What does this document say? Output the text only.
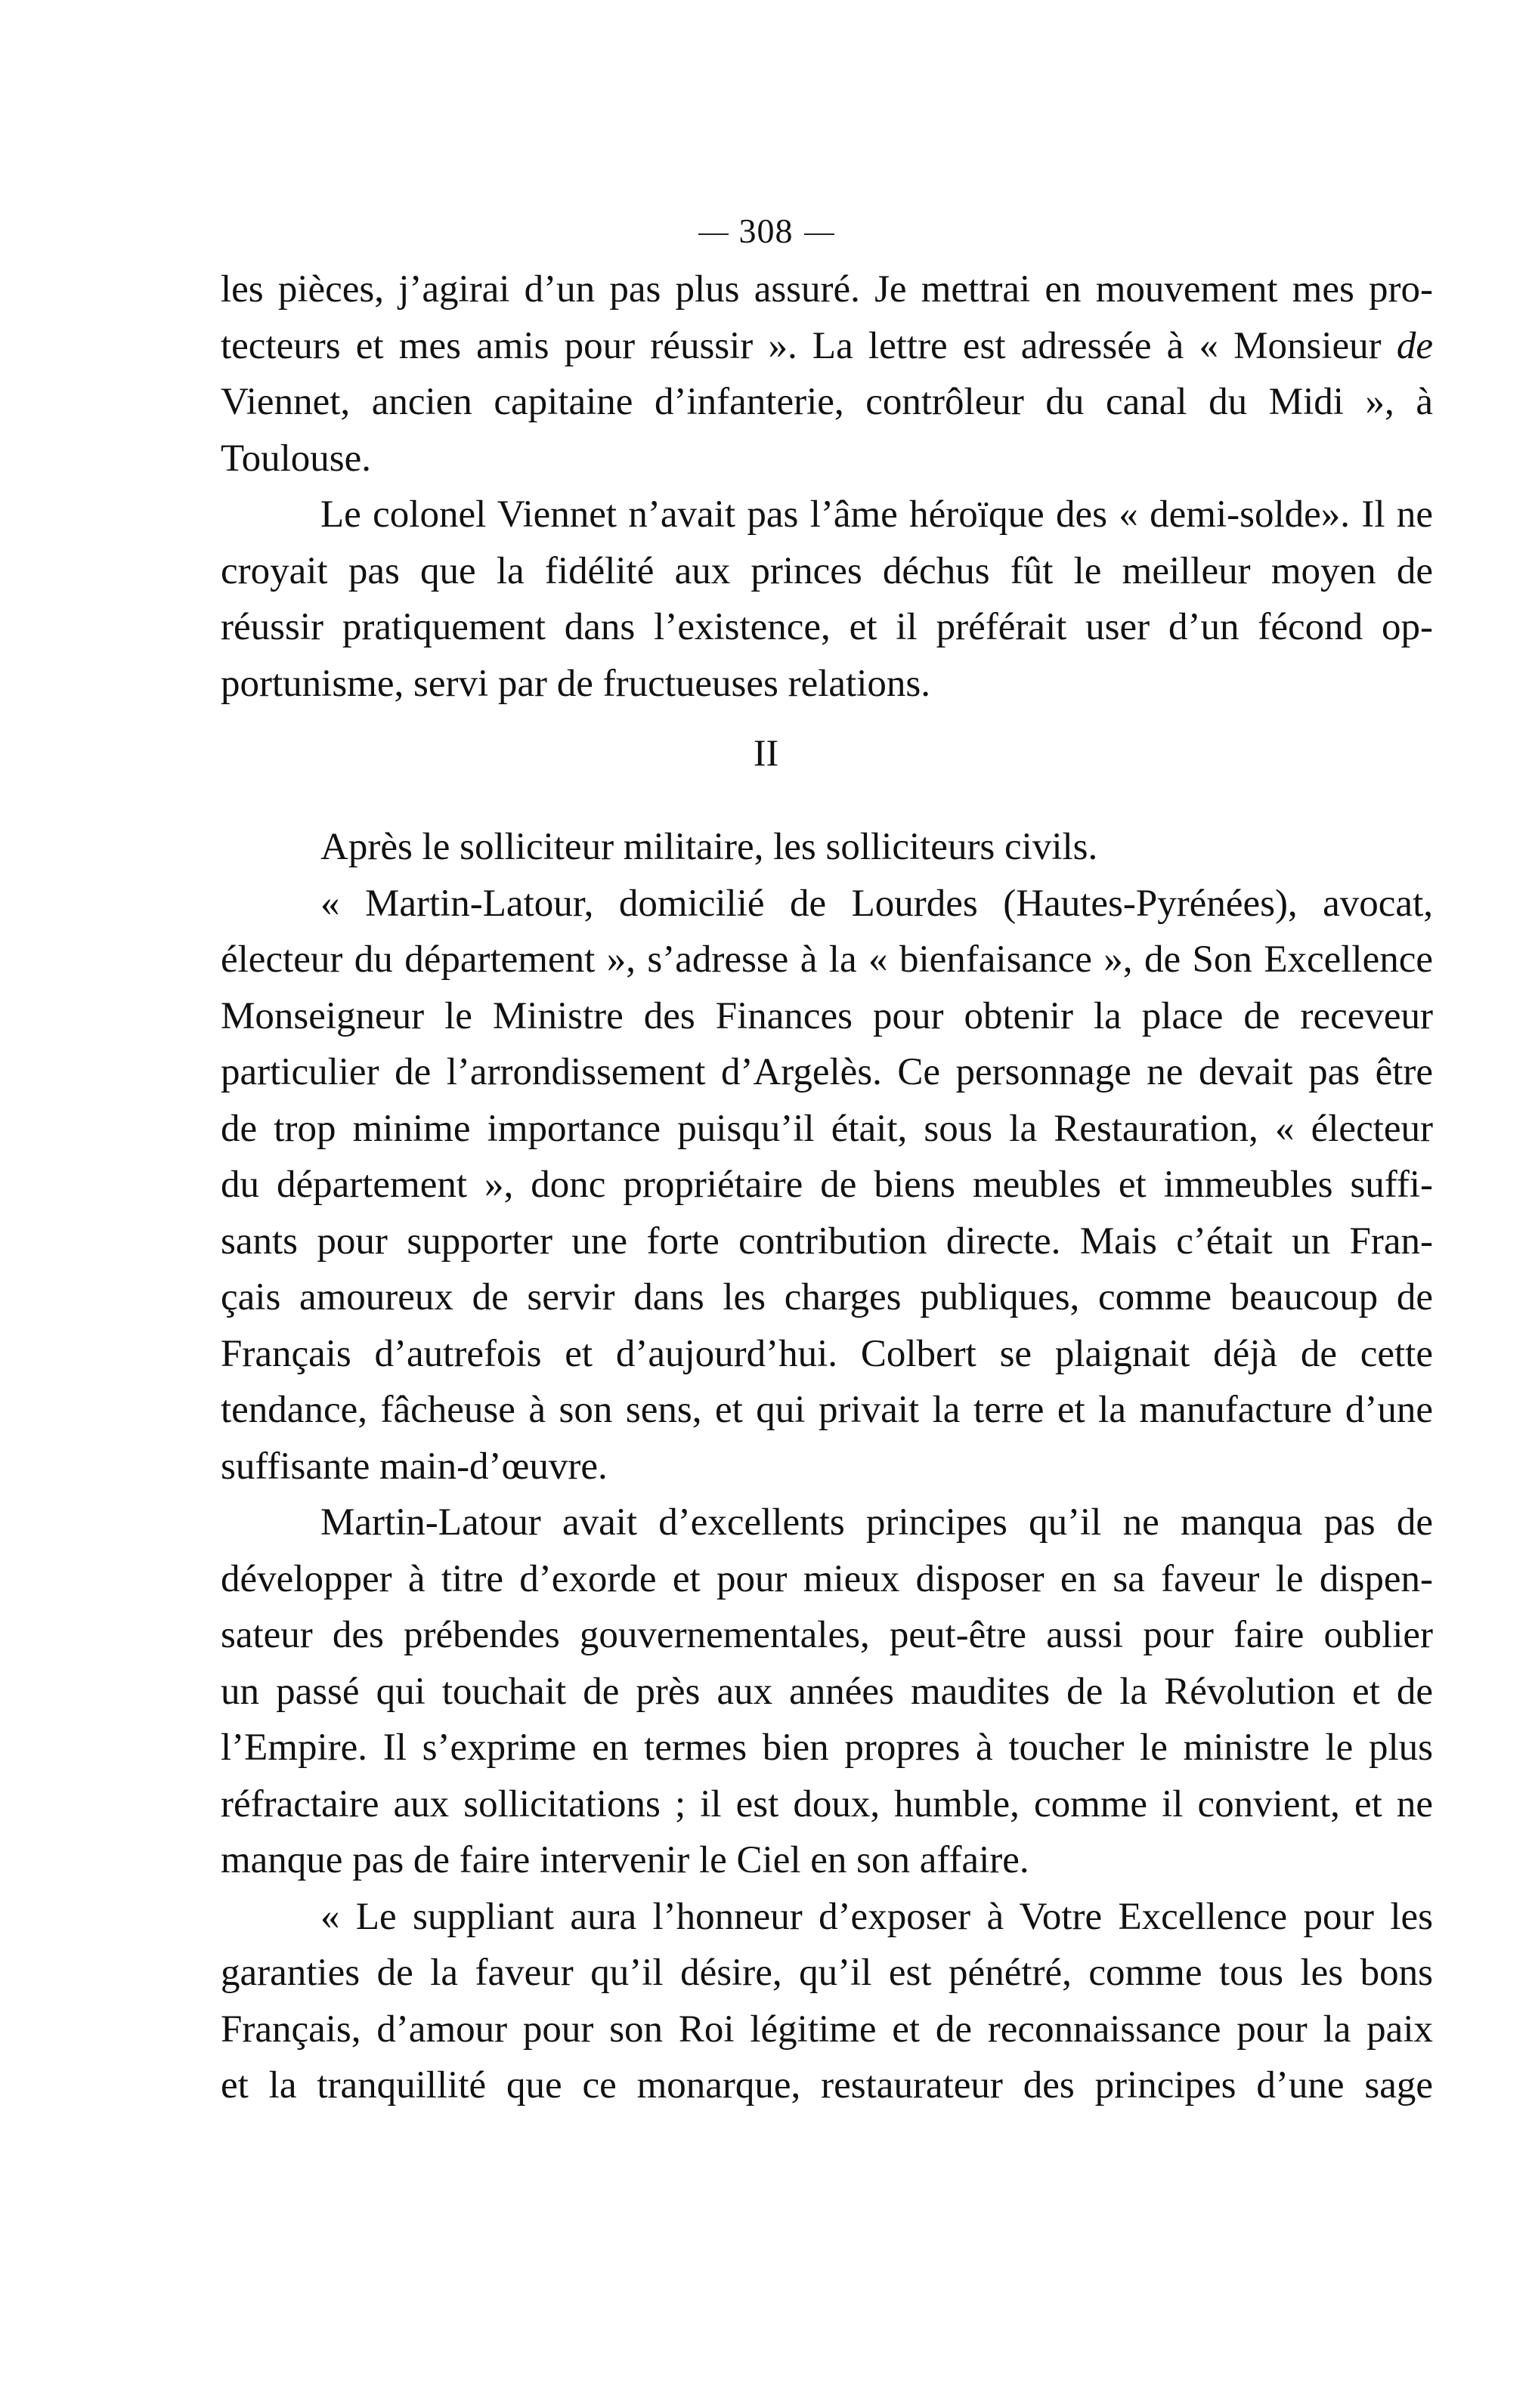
308
les pièces, j’agirai d’un pas plus assuré. Je mettrai en mouvement mes pro-
tecteurs et mes amis pour réussir ». La lettre est adressée à « Monsieur de
Viennet, ancien capitaine d’infanterie, contrôleur du canal du Midi », à
Toulouse.
Le colonel Viennet n’avait pas l’âme héroïque des « demi-solde». Il ne
croyait pas que la fidélité aux princes déchus fût le meilleur moyen de
réussir pratiquement dans l’existence, et il préférait user d’un fécond op-
portunisme, servi par de fructueuses relations.
II
Après le solliciteur militaire, les solliciteurs civils.
« Martin-Latour, domicilié de Lourdes (Hautes-Pyrénées), avocat,
électeur du département », s’adresse à la « bienfaisance », de Son Excellence
Monseigneur le Ministre des Finances pour obtenir la place de receveur
particulier de l’arrondissement d’Argelès. Ce personnage ne devait pas être
de trop minime importance puisqu’il était, sous la Restauration, « électeur
du département », donc propriétaire de biens meubles et immeubles suffi-
sants pour supporter une forte contribution directe. Mais c’était un Fran-
çais amoureux de servir dans les charges publiques, comme beaucoup de
Français d’autrefois et d’aujourd’hui. Colbert se plaignait déjà de cette
tendance, fâcheuse à son sens, et qui privait la terre et la manufacture d’une
suffisante main-d’œuvre.
Martin-Latour avait d’excellents principes qu’il ne manqua pas de
développer à titre d’exorde et pour mieux disposer en sa faveur le dispen-
sateur des prébendes gouvernementales, peut-être aussi pour faire oublier
un passé qui touchait de près aux années maudites de la Révolution et de
l’Empire. Il s’exprime en termes bien propres à toucher le ministre le plus
réfractaire aux sollicitations ; il est doux, humble, comme il convient, et ne
manque pas de faire intervenir le Ciel en son affaire.
« Le suppliant aura l’honneur d’exposer à Votre Excellence pour les
garanties de la faveur qu’il désire, qu’il est pénétré, comme tous les bons
Français, d’amour pour son Roi légitime et de reconnaissance pour la paix
et la tranquillité que ce monarque, restaurateur des principes d’une sage
